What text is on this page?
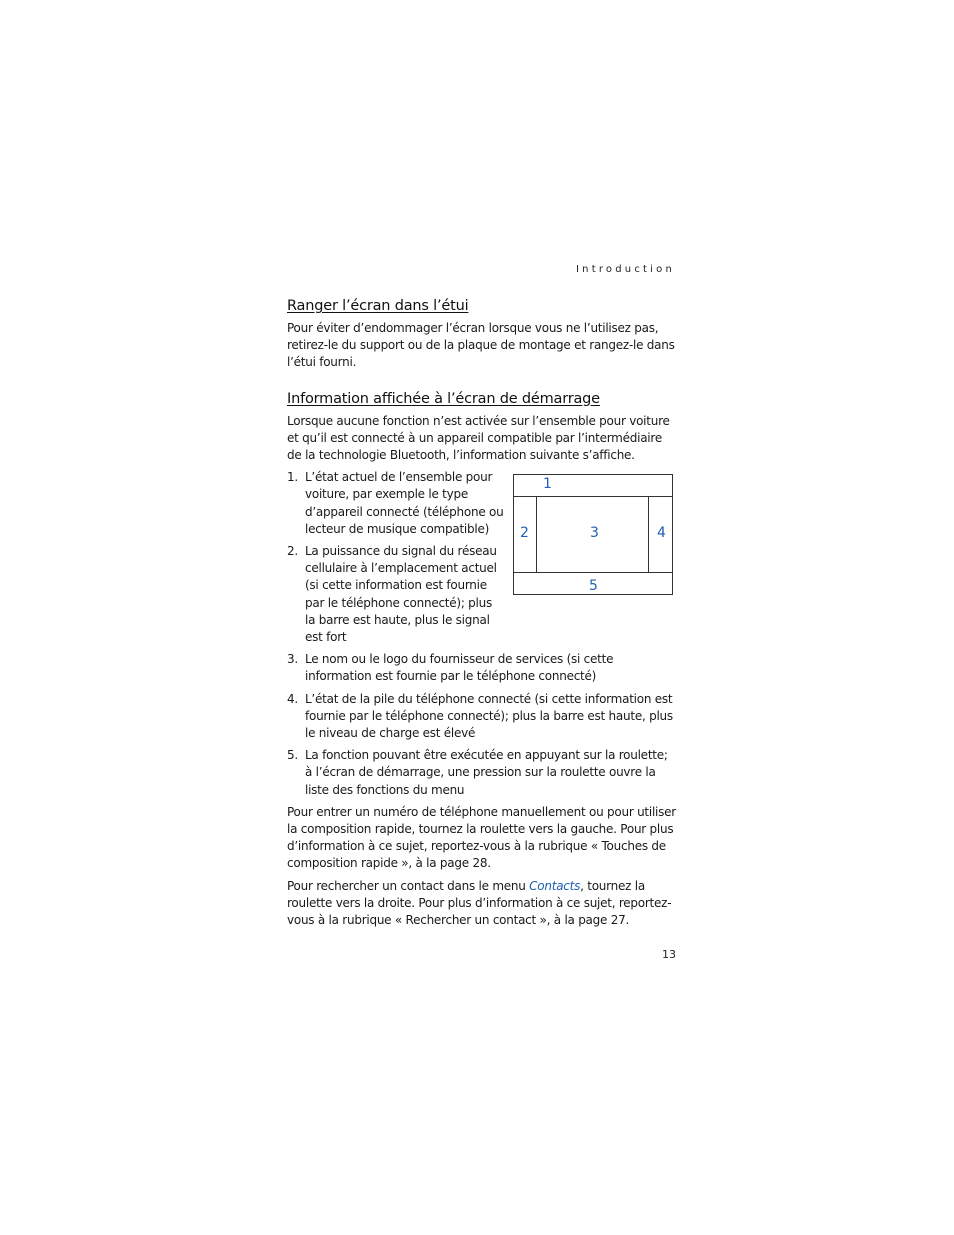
Introduction
Ranger l’écran dans l’étui

Pour éviter d’endommager l’écran lorsque vous ne l’utilisez pas, retirez-le du support ou de la plaque de montage et rangez-le dans l’étui fourni.

Information affichée à l’écran de démarrage

Lorsque aucune fonction n’est activée sur l’ensemble pour voiture et qu’il est connecté à un appareil compatible par l’intermédiaire de la technologie Bluetooth, l’information suivante s’affiche.

1
2	3	4
5
1. L’état actuel de l’ensemble pour voiture, par exemple le type d’appareil connecté (téléphone ou lecteur de musique compatible)
2. La puissance du signal du réseau cellulaire à l’emplacement actuel (si cette information est fournie par le téléphone connecté); plus la barre est haute, plus le signal est fort
3. Le nom ou le logo du fournisseur de services (si cette information est fournie par le téléphone connecté)
4. L’état de la pile du téléphone connecté (si cette information est fournie par le téléphone connecté); plus la barre est haute, plus le niveau de charge est élevé
5. La fonction pouvant être exécutée en appuyant sur la roulette; à l’écran de démarrage, une pression sur la roulette ouvre la liste des fonctions du menu

Pour entrer un numéro de téléphone manuellement ou pour utiliser la composition rapide, tournez la roulette vers la gauche. Pour plus d’information à ce sujet, reportez-vous à la rubrique « Touches de composition rapide », à la page 28.

Pour rechercher un contact dans le menu Contacts, tournez la roulette vers la droite. Pour plus d’information à ce sujet, reportez-vous à la rubrique « Rechercher un contact », à la page 27.

13
